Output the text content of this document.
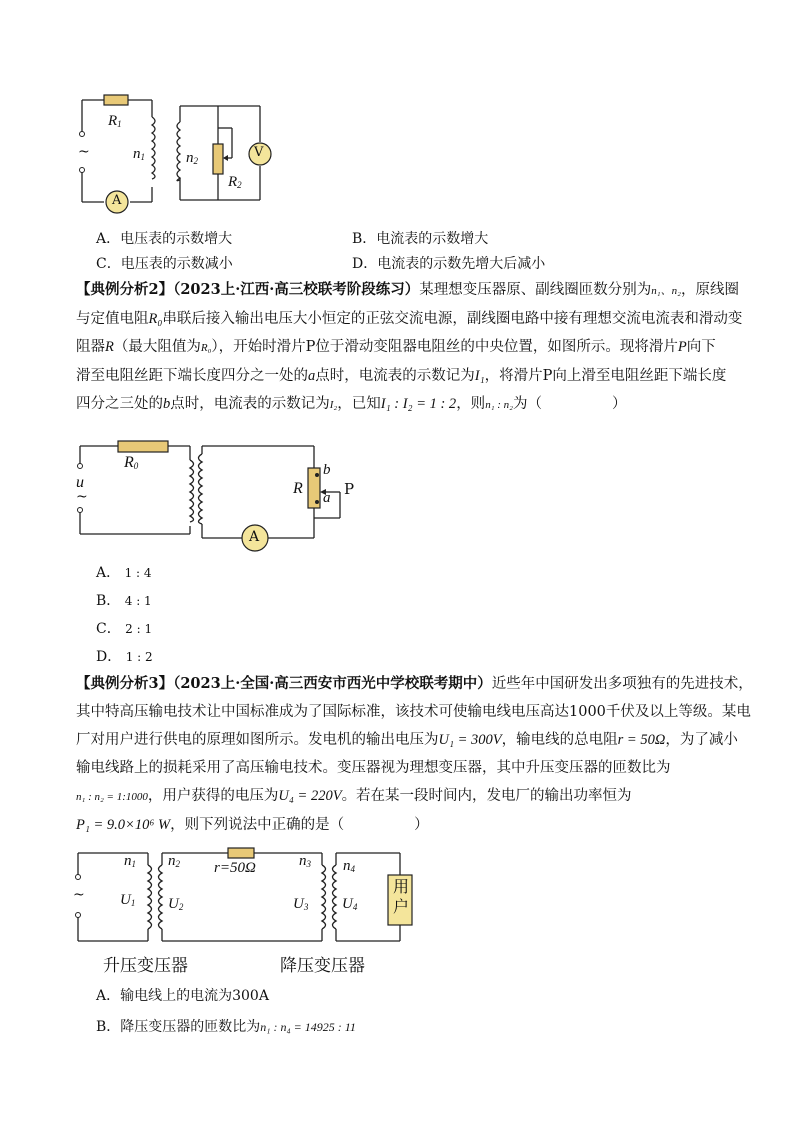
~
$R_1$
$n_1$	$n_2$
$R_2$
A
V
A．电压表的示数增大	B．电流表的示数增大
C．电压表的示数减小	D．电流表的示数先增大后减小
【典例分析2】（2023上·江西·高三校联考阶段练习）某理想变压器原、副线圈匝数分别为n₁、n₂，原线圈
与定值电阻R₀串联后接入输出电压大小恒定的正弦交流电源，副线圈电路中接有理想交流电流表和滑动变
阻器R（最大阻值为R₀），开始时滑片P位于滑动变阻器电阻丝的中央位置，如图所示。现将滑片P向下
滑至电阻丝距下端长度四分之一处的a点时，电流表的示数记为I₁，将滑片P向上滑至电阻丝距下端长度
四分之三处的b点时，电流表的示数记为I₂，已知I₁ : I₂ = 1 : 2，则n₁ : n₂为（	）
$R_0$
u
~	R
b
a P
A
A． 1 : 4
B． 4 : 1
C． 2 : 1
D． 1 : 2
【典例分析3】（2023上·全国·高三西安市西光中学校联考期中）近些年中国研发出多项独有的先进技术，
其中特高压输电技术让中国标准成为了国际标准，该技术可使输电线电压高达1000千伏及以上等级。某电
厂对用户进行供电的原理如图所示。发电机的输出电压为U₁ = 300V，输电线的总电阻r = 50Ω，为了减小
输电线路上的损耗采用了高压输电技术。变压器视为理想变压器，其中升压变压器的匝数比为
n₁ : n₂ = 1:1000，用户获得的电压为U₄ = 220V。若在某一段时间内，发电厂的输出功率恒为
P₁ = 9.0×10⁶ W，则下列说法中正确的是（	）
~
$n_1$
$U_1$
$n_2$
$U_2$
r=50Ω	$n_3$
$U_3$
$n_4$
$U_4$
用
户
升压变压器	降压变压器
A．输电线上的电流为300A
B．降压变压器的匝数比为n₁ : n₄ = 14925 : 11
